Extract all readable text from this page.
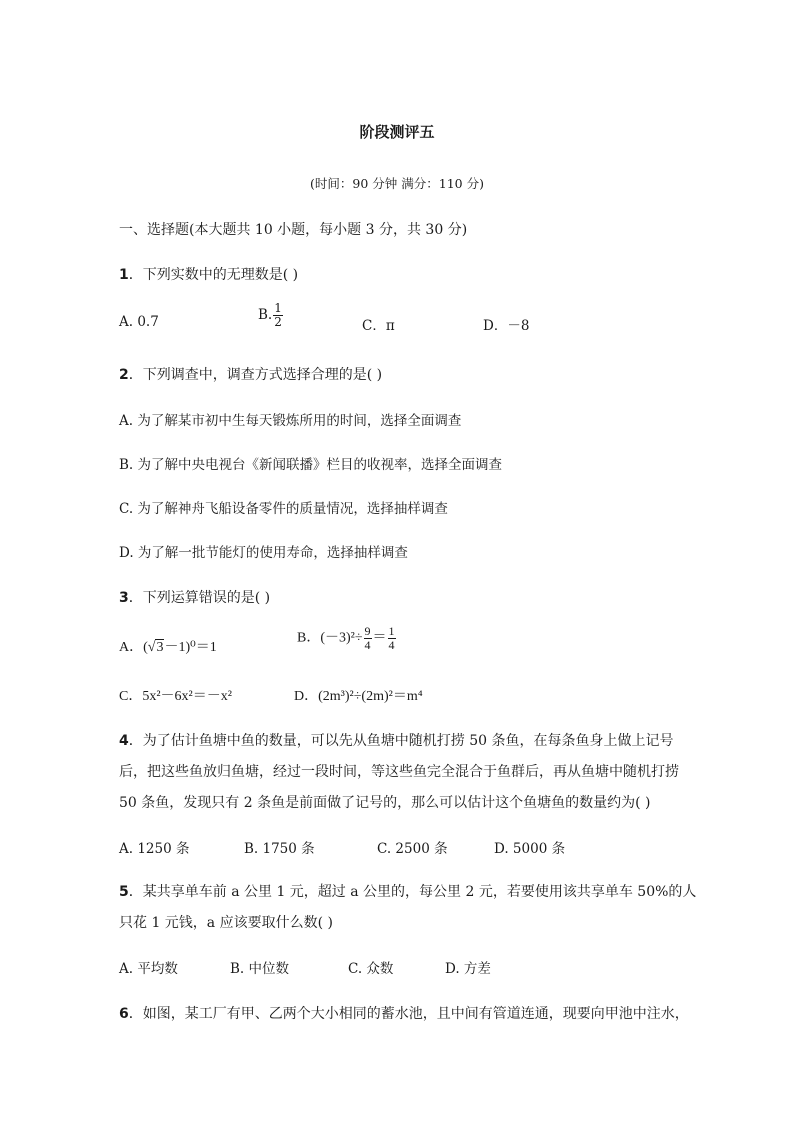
阶段测评五
(时间：90 分钟 满分：110 分)
一、选择题(本大题共 10 小题，每小题 3 分，共 30 分)
1．下列实数中的无理数是( )
A. 0.7	B. $\frac{1}{2}$	C．π	D．－8
2．下列调查中，调查方式选择合理的是( )
A. 为了解某市初中生每天锻炼所用的时间，选择全面调查
B. 为了解中央电视台《新闻联播》栏目的收视率，选择全面调查
C. 为了解神舟飞船设备零件的质量情况，选择抽样调查
D. 为了解一批节能灯的使用寿命，选择抽样调查
3．下列运算错误的是( )
A．(√3－1)⁰＝1
B．$(-3)^2\div \frac{9}{4} = \frac{1}{4}$
C．5x²－6x²＝－x²	D．(2m³)²÷(2m)²＝m⁴
4．为了估计鱼塘中鱼的数量，可以先从鱼塘中随机打捞 50 条鱼，在每条鱼身上做上记号
后，把这些鱼放归鱼塘，经过一段时间，等这些鱼完全混合于鱼群后，再从鱼塘中随机打捞
50 条鱼，发现只有 2 条鱼是前面做了记号的，那么可以估计这个鱼塘鱼的数量约为( )
A. 1250 条	B. 1750 条	C. 2500 条	D. 5000 条
5．某共享单车前 a 公里 1 元，超过 a 公里的，每公里 2 元，若要使用该共享单车 50%的人
只花 1 元钱，a 应该要取什么数( )
A. 平均数	B. 中位数	C. 众数	D. 方差
6．如图，某工厂有甲、乙两个大小相同的蓄水池，且中间有管道连通，现要向甲池中注水，
